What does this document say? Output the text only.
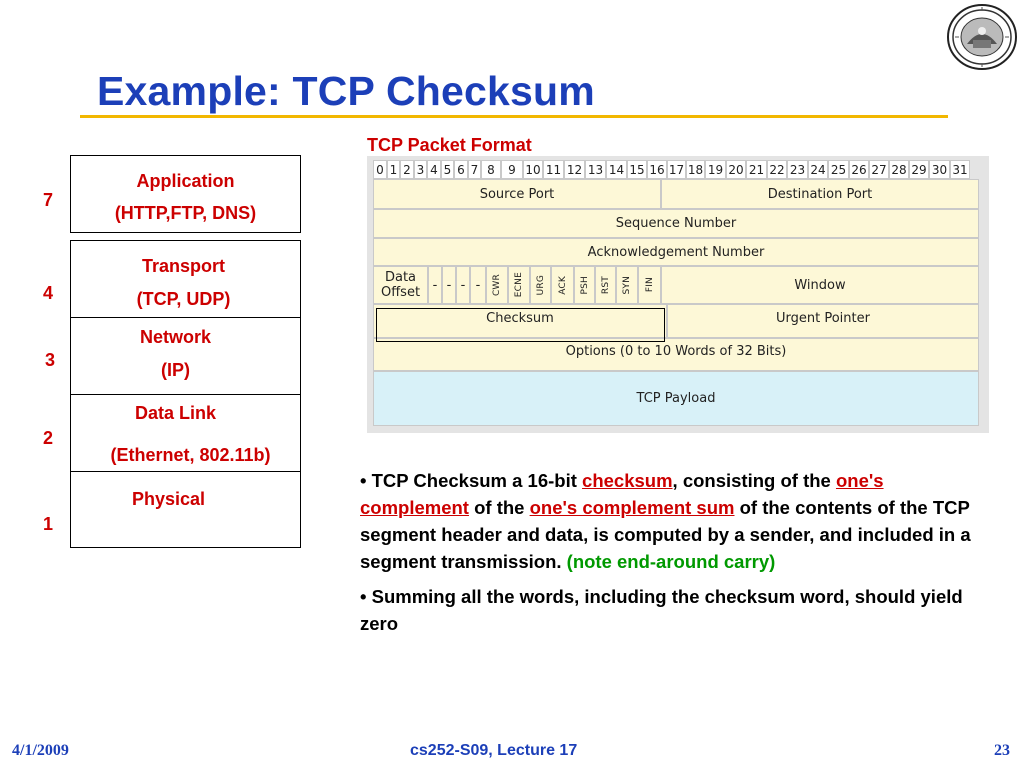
Example: TCP Checksum
7
Application
(HTTP,FTP, DNS)
4
Transport
(TCP, UDP)
3
Network
(IP)
2
Data Link
(Ethernet, 802.11b)
1
Physical
TCP Packet Format
0 1 2 3 4 5 6 7 8	9 10 11 12 13 14 15 16 17 18 19 20 21 22 23 24 25 26 27 28 29 30 31
Source Port	Destination Port
Sequence Number
Acknowledgement Number
Data Offset - - - -	CWR ECNE URG ACK PSH RST SYN FIN	Window
Checksum	Urgent Pointer
Options (0 to 10 Words of 32 Bits)
TCP Payload

• TCP Checksum a 16-bit checksum, consisting of the one's complement of the one's complement sum of the contents of the TCP segment header and data, is computed by a sender, and included in a segment transmission. (note end-around carry)

• Summing all the words, including the checksum word, should yield zero

4/1/2009	cs252-S09, Lecture 17	23
